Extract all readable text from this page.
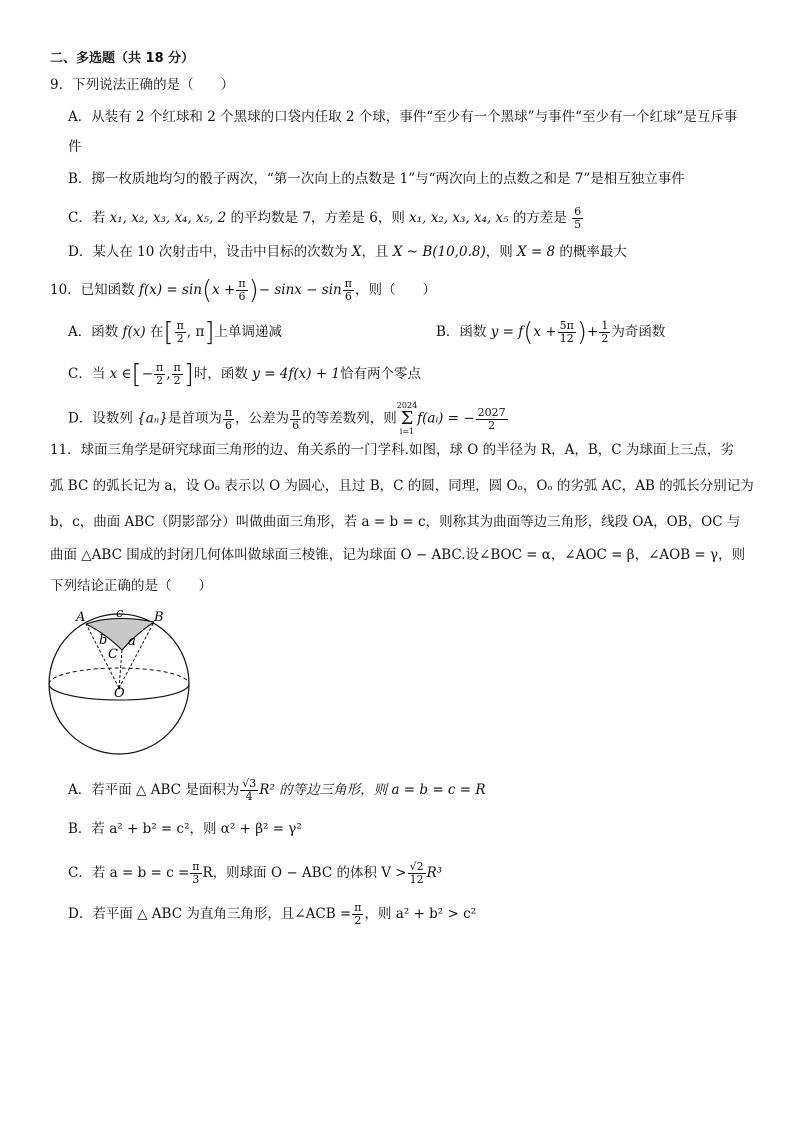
二、多选题（共 18 分）
9．下列说法正确的是（　　）
A．从装有 2 个红球和 2 个黑球的口袋内任取 2 个球，事件“至少有一个黑球”与事件“至少有一个红球”是互斥事
件
B．掷一枚质地均匀的骰子两次，“第一次向上的点数是 1”与“两次向上的点数之和是 7”是相互独立事件
C．若 x₁, x₂, x₃, x₄, x₅, 2 的平均数是 7，方差是 6，则 x₁, x₂, x₃, x₄, x₅ 的方差是 $\frac{6}{5}$
D．某人在 10 次射击中，设击中目标的次数为 X，且 X ~ B(10,0.8)，则 X = 8 的概率最大
10．已知函数 $f(x) = \sin(x + \frac{\pi}{6}$ )− $\sin x - \sin \frac{\pi}{6}$ ，则（　　）
A．函数 f(x) 在[ $\frac{\pi}{2}$ , π]上单调递减	B．函数 $y = f(x + \frac{5\pi}{12}$ )+ $\frac{1}{2}$ 为奇函数
C．当 x ∈[− $\frac{\pi}{2}$ , $\frac{\pi}{2}$ ]时，函数 y = 4f(x) + 1恰有两个零点
D．设数列 {aₙ}是首项为 $\frac{\pi}{6}$ ，公差为 $\frac{\pi}{6}$ 的等差数列，则2024
Σ
i=1f(aᵢ) = − $\frac{2027}{2}$
11．球面三角学是研究球面三角形的边、角关系的一门学科.如图，球 O 的半径为 R，A，B，C 为球面上三点，劣
弧 BC 的弧长记为 a，设 Oₒ 表示以 O 为圆心，且过 B，C 的圆，同理，圆 Oₒ，Oₒ 的劣弧 AC，AB 的弧长分别记为
b，c，曲面 ABC（阴影部分）叫做曲面三角形，若 a = b = c，则称其为曲面等边三角形，线段 OA，OB，OC 与
曲面 △ABC 围成的封闭几何体叫做球面三棱锥，记为球面 O − ABC.设∠BOC = α，∠AOC = β，∠AOB = γ，则
下列结论正确的是（　　）
A	B
C
O
c
b a
A．若平面 △ ABC 是面积为 $\frac{√3}{4} R^2$ 的等边三角形，则 a = b = c = R
B．若 a² + b² = c²，则 α² + β² = γ²
C．若 $a = b = c = \frac{\pi}{3}$ R，则球面 O − ABC 的体积 $V > \frac{√2}{12} R^3$
D．若平面 △ ABC 为直角三角形，且∠ACB = $\frac{\pi}{2}$ ，则 a² + b² > c²
